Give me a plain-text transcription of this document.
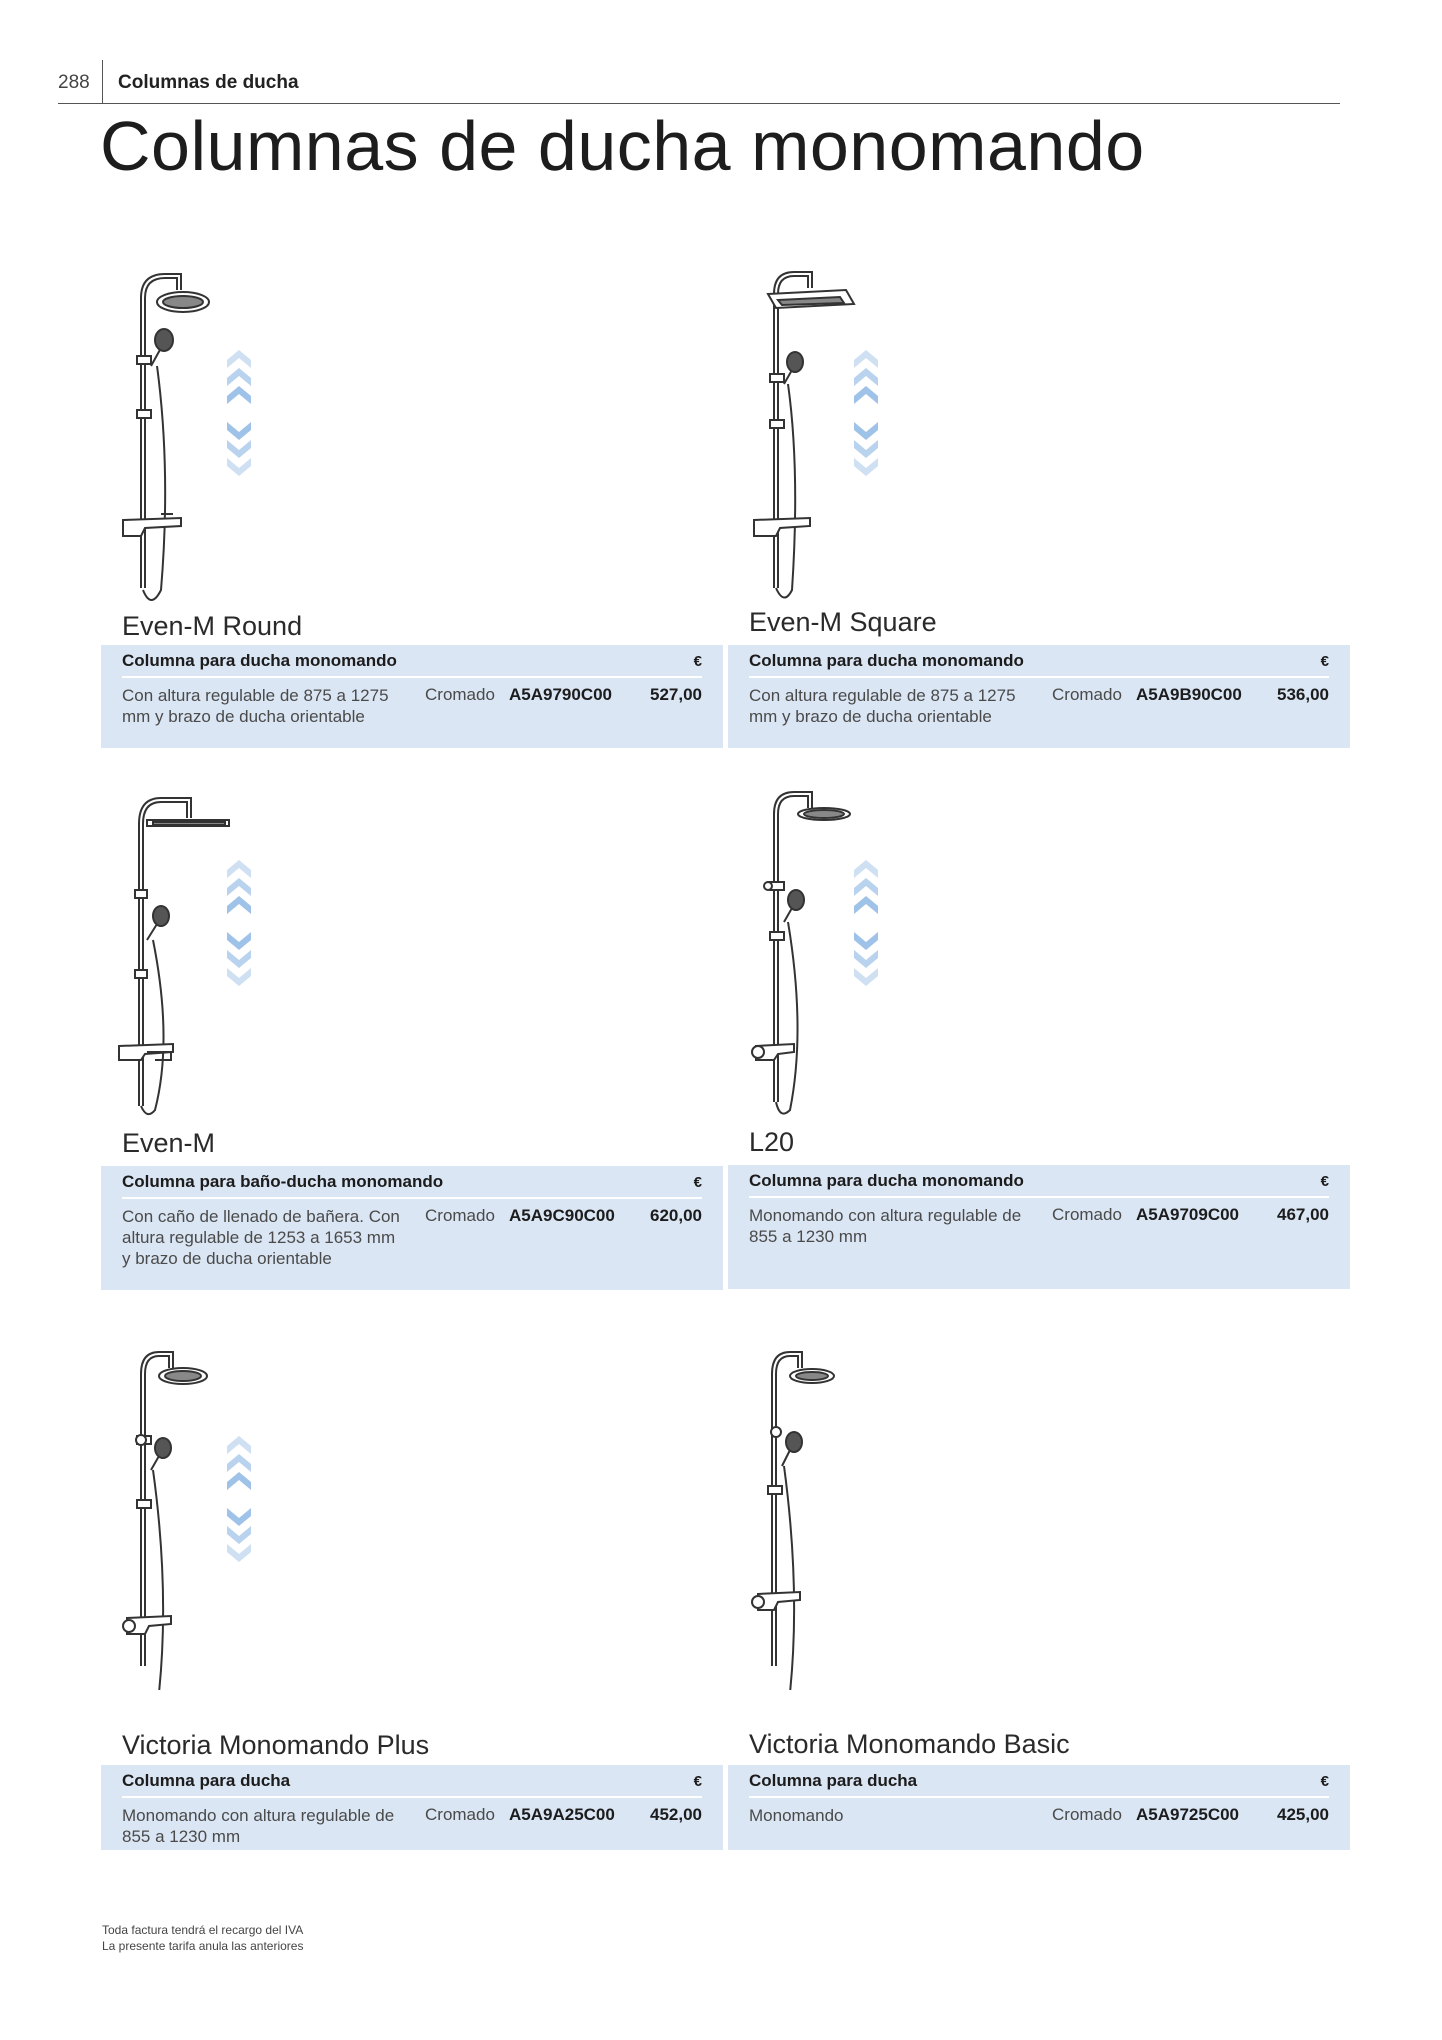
288 Columnas de ducha
Columnas de ducha monomando
Even-M Round
Columna para ducha monomando	€
Con altura regulable de 875 a 1275 mm y brazo de ducha orientable
Cromado A5A9790C00 527,00
Even-M Square
Columna para ducha monomando	€
Con altura regulable de 875 a 1275 mm y brazo de ducha orientable
Cromado A5A9B90C00 536,00
Even-M
Columna para baño-ducha monomando	€
Con caño de llenado de bañera. Con altura regulable de 1253 a 1653 mm y brazo de ducha orientable
Cromado A5A9C90C00 620,00
L20
Columna para ducha monomando	€
Monomando con altura regulable de 855 a 1230 mm
Cromado A5A9709C00 467,00
Victoria Monomando Plus
Columna para ducha	€
Monomando con altura regulable de 855 a 1230 mm
Cromado A5A9A25C00 452,00
Victoria Monomando Basic
Columna para ducha	€
Monomando	Cromado A5A9725C00 425,00
Toda factura tendrá el recargo del IVA
La presente tarifa anula las anteriores
